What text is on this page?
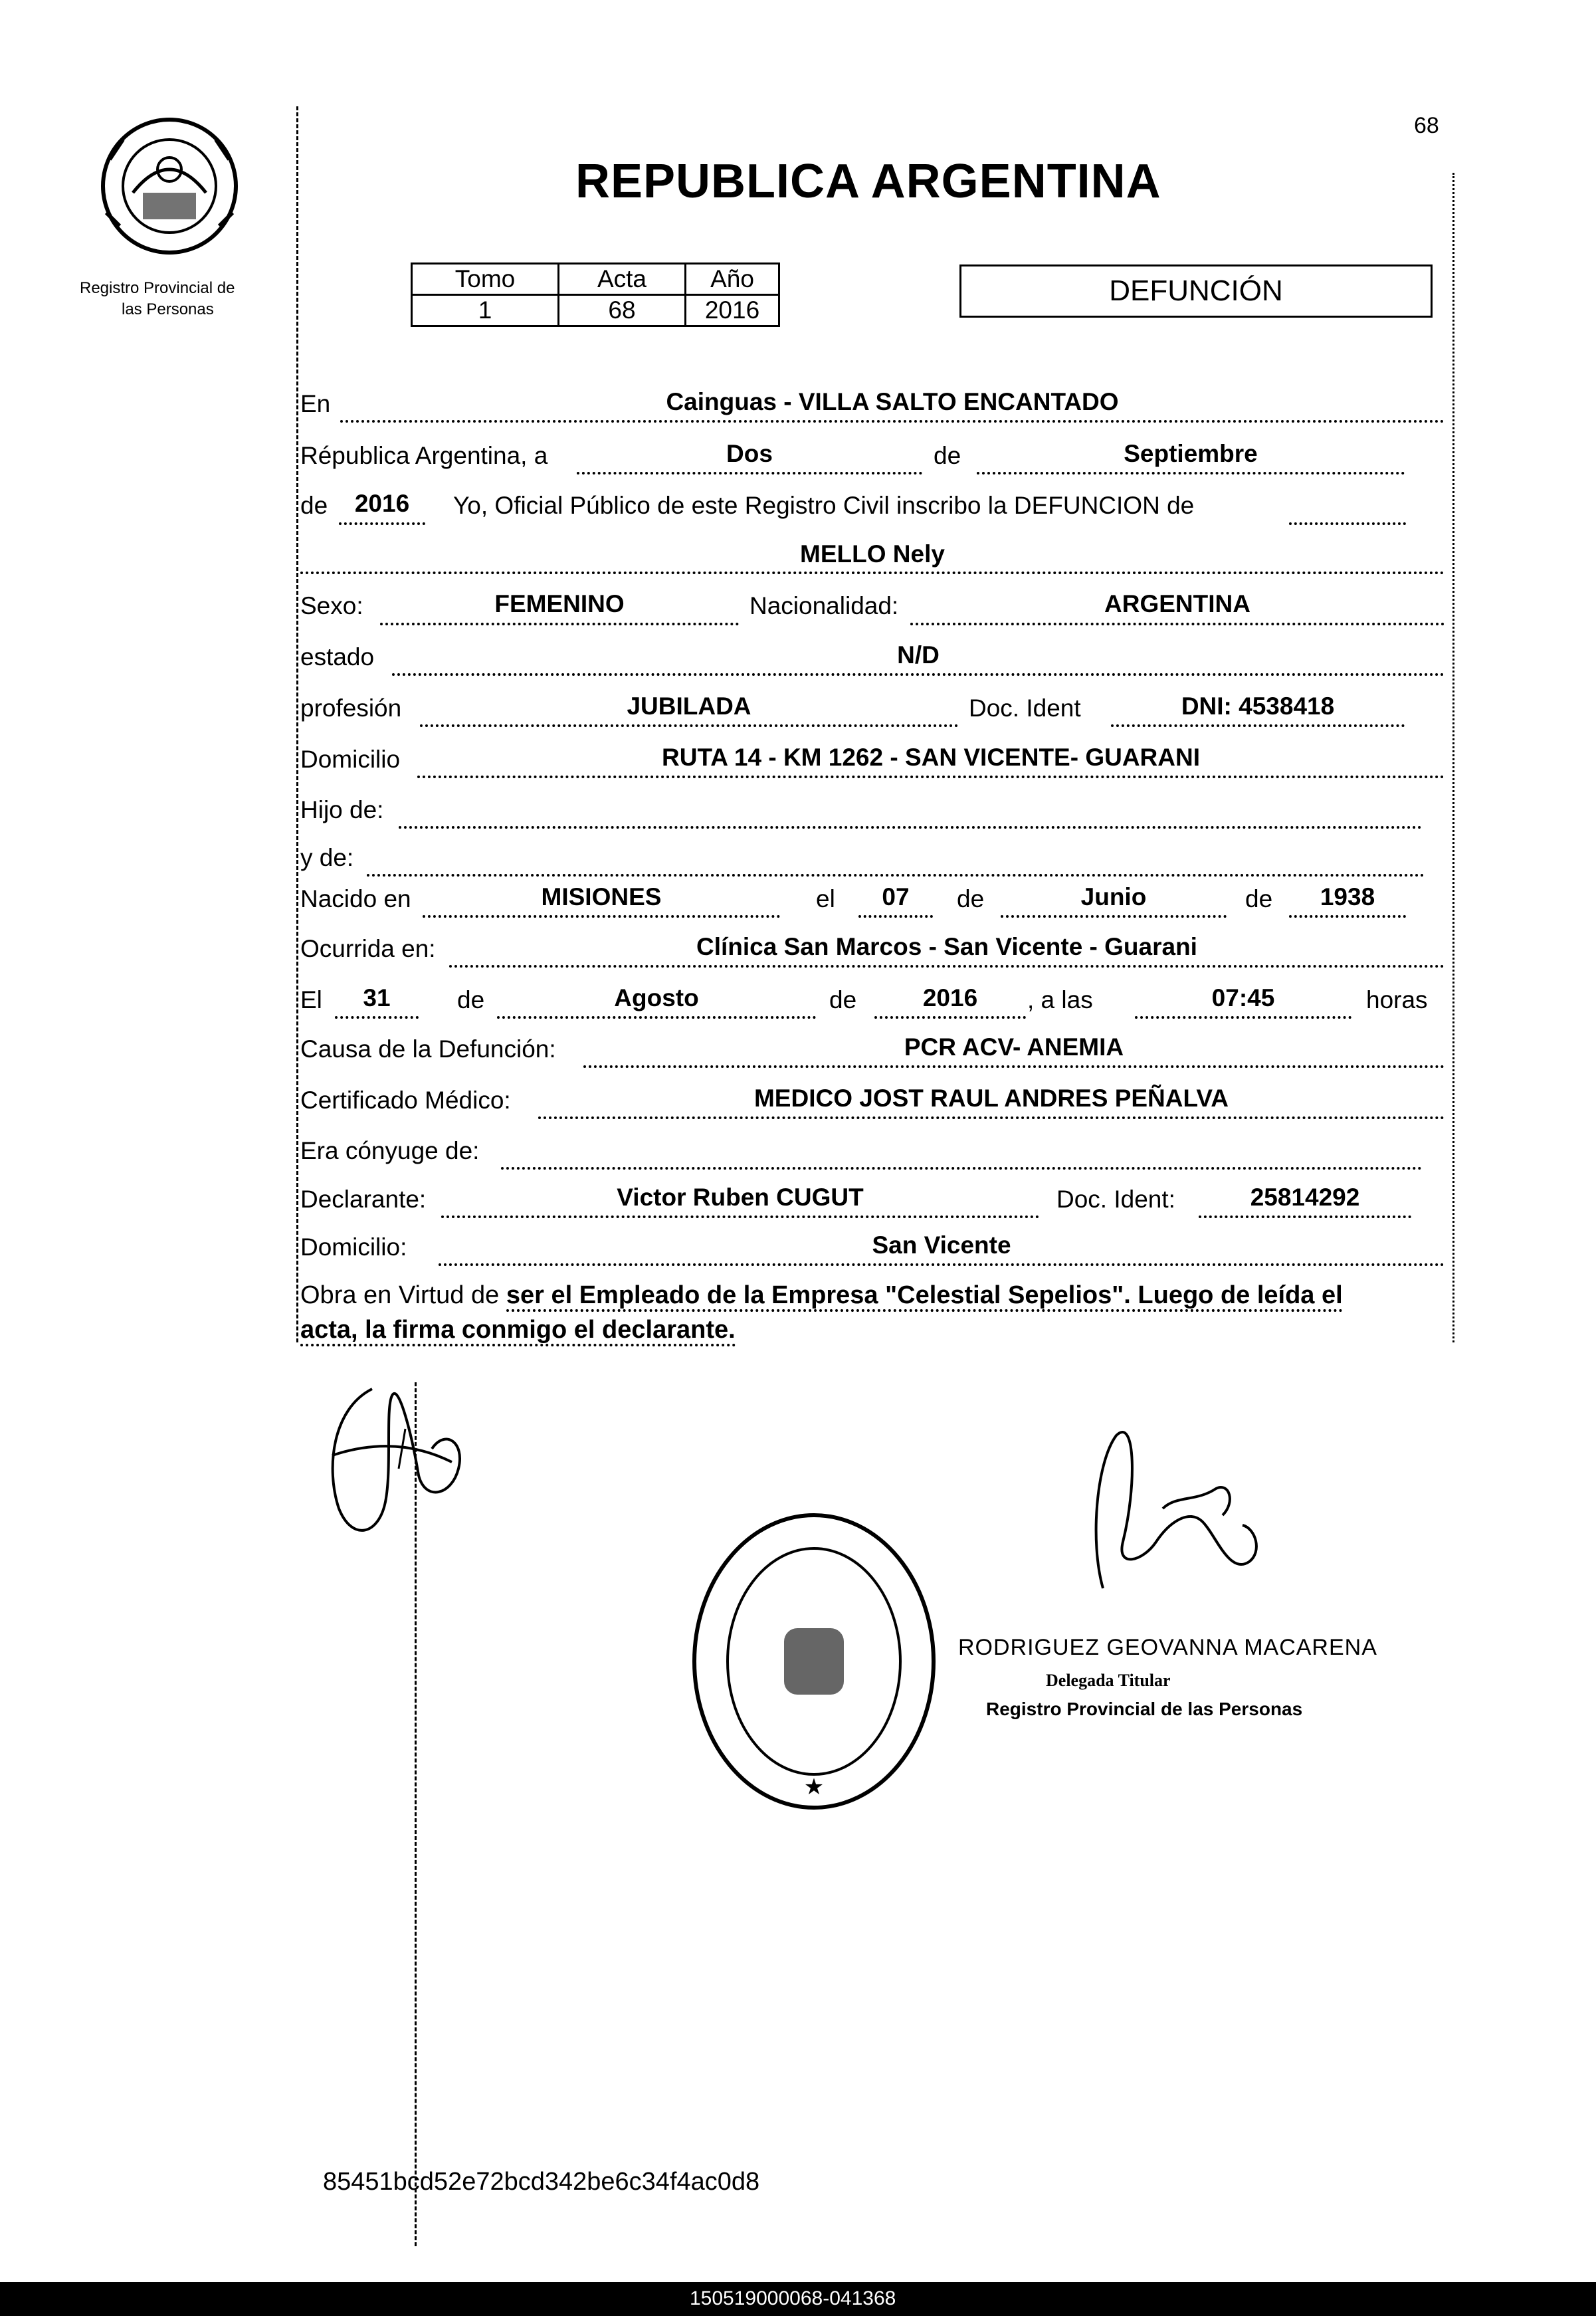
Registro Provincial de
las Personas
68
REPUBLICA ARGENTINA
Tomo	Acta	Año
1	68	2016
DEFUNCIÓN
En	Cainguas - VILLA SALTO ENCANTADO
Républica Argentina, a	Dos	de	Septiembre
de	2016	Yo, Oficial Público de este Registro Civil inscribo la DEFUNCION de
MELLO Nely
Sexo:	FEMENINO	Nacionalidad:	ARGENTINA
estado	N/D
profesión	JUBILADA	Doc. Ident	DNI: 4538418
Domicilio	RUTA 14 - KM 1262 - SAN VICENTE- GUARANI
Hijo de:
y de:
Nacido en	MISIONES	el	07	de	Junio	de	1938
Ocurrida en:	Clínica San Marcos - San Vicente - Guarani
El	31	de	Agosto	de	2016	, a las	07:45	horas
Causa de la Defunción:	PCR ACV- ANEMIA
Certificado Médico:	MEDICO JOST RAUL ANDRES PEÑALVA
Era cónyuge de:
Declarante:	Victor Ruben CUGUT	Doc. Ident:	25814292
Domicilio:	San Vicente
Obra en Virtud de ser el Empleado de la Empresa "Celestial Sepelios". Luego de leída el
acta, la firma conmigo el declarante.
★
RODRIGUEZ GEOVANNA MACARENA
Delegada Titular
Registro Provincial de las Personas
85451bcd52e72bcd342be6c34f4ac0d8
150519000068-041368
